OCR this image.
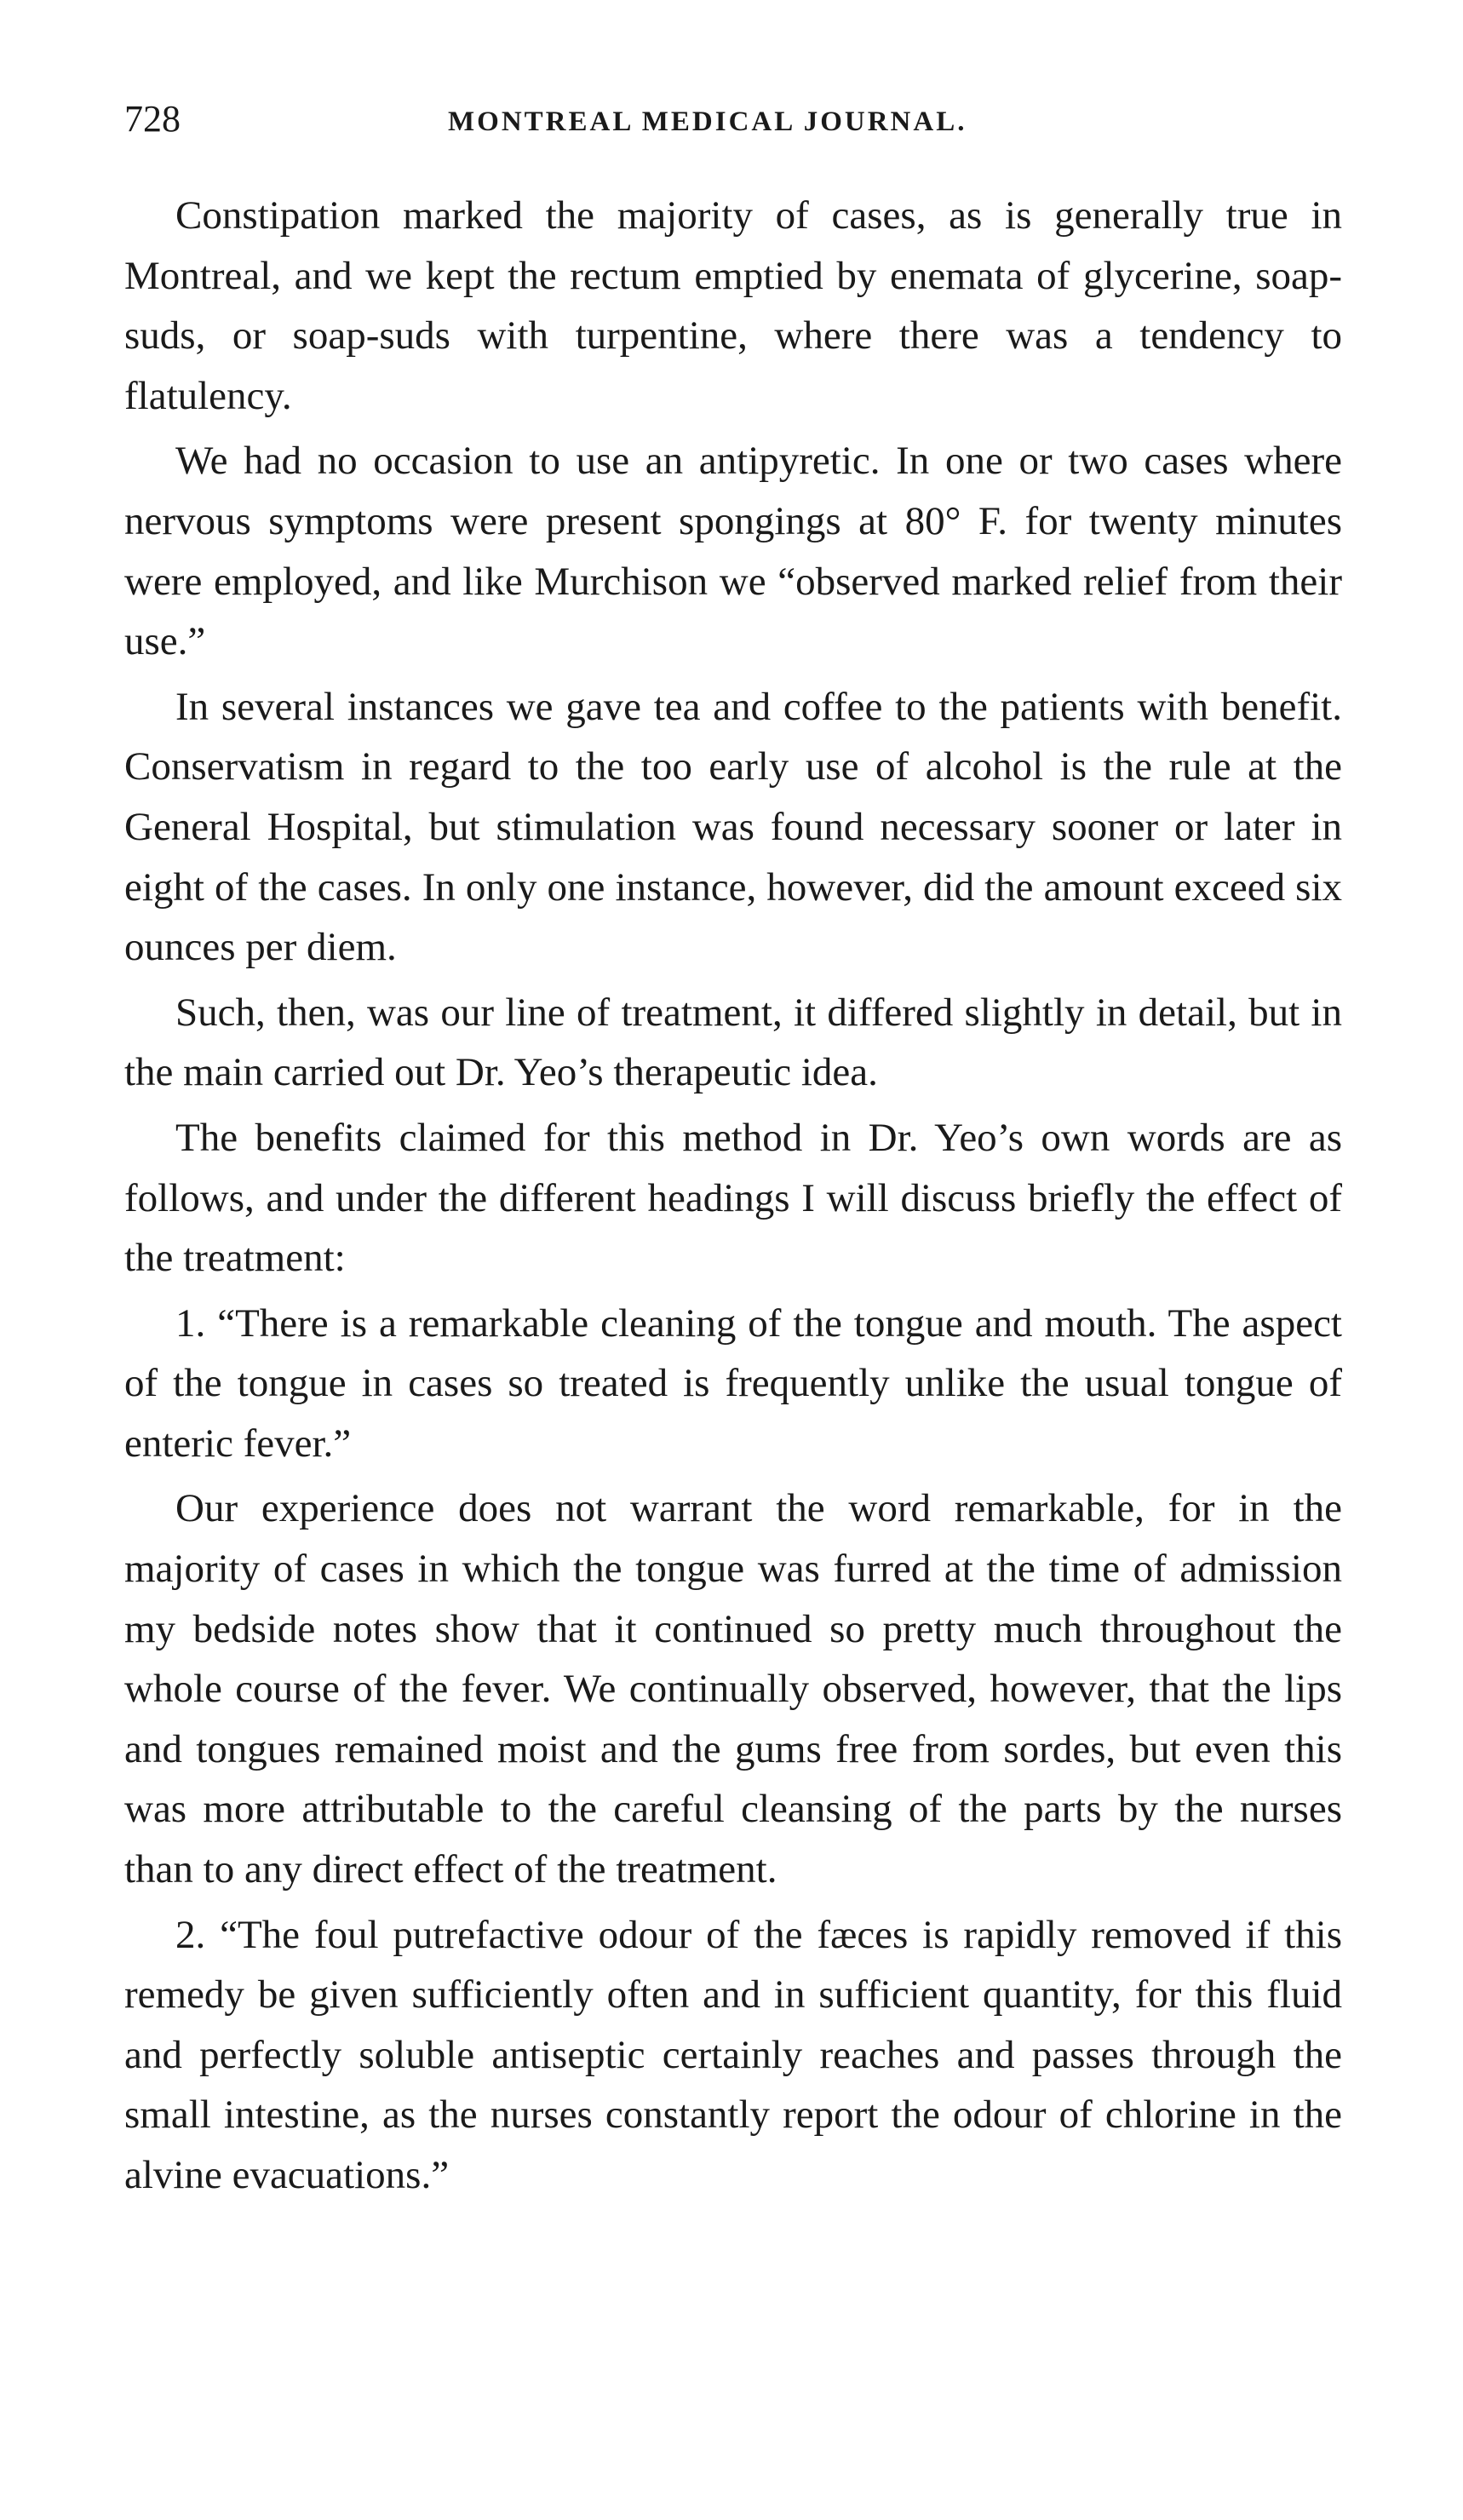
728	MONTREAL MEDICAL JOURNAL.

Constipation marked the majority of cases, as is generally true in Montreal, and we kept the rectum emptied by enemata of glycerine, soap-suds, or soap-suds with turpentine, where there was a tendency to flatulency.

We had no occasion to use an antipyretic. In one or two cases where nervous symptoms were present spongings at 80° F. for twenty minutes were employed, and like Murchison we “observed marked relief from their use.”

In several instances we gave tea and coffee to the patients with benefit. Conservatism in regard to the too early use of alcohol is the rule at the General Hospital, but stimulation was found necessary sooner or later in eight of the cases. In only one instance, however, did the amount exceed six ounces per diem.

Such, then, was our line of treatment, it differed slightly in detail, but in the main carried out Dr. Yeo’s therapeutic idea.

The benefits claimed for this method in Dr. Yeo’s own words are as follows, and under the different headings I will discuss briefly the effect of the treatment:

1. “There is a remarkable cleaning of the tongue and mouth. The aspect of the tongue in cases so treated is frequently unlike the usual tongue of enteric fever.”

Our experience does not warrant the word remarkable, for in the majority of cases in which the tongue was furred at the time of admission my bedside notes show that it continued so pretty much throughout the whole course of the fever. We continually observed, however, that the lips and tongues remained moist and the gums free from sordes, but even this was more attributable to the careful cleansing of the parts by the nurses than to any direct effect of the treatment.

2. “The foul putrefactive odour of the fæces is rapidly removed if this remedy be given sufficiently often and in sufficient quantity, for this fluid and perfectly soluble antiseptic certainly reaches and passes through the small intestine, as the nurses constantly report the odour of chlorine in the alvine evacuations.”
